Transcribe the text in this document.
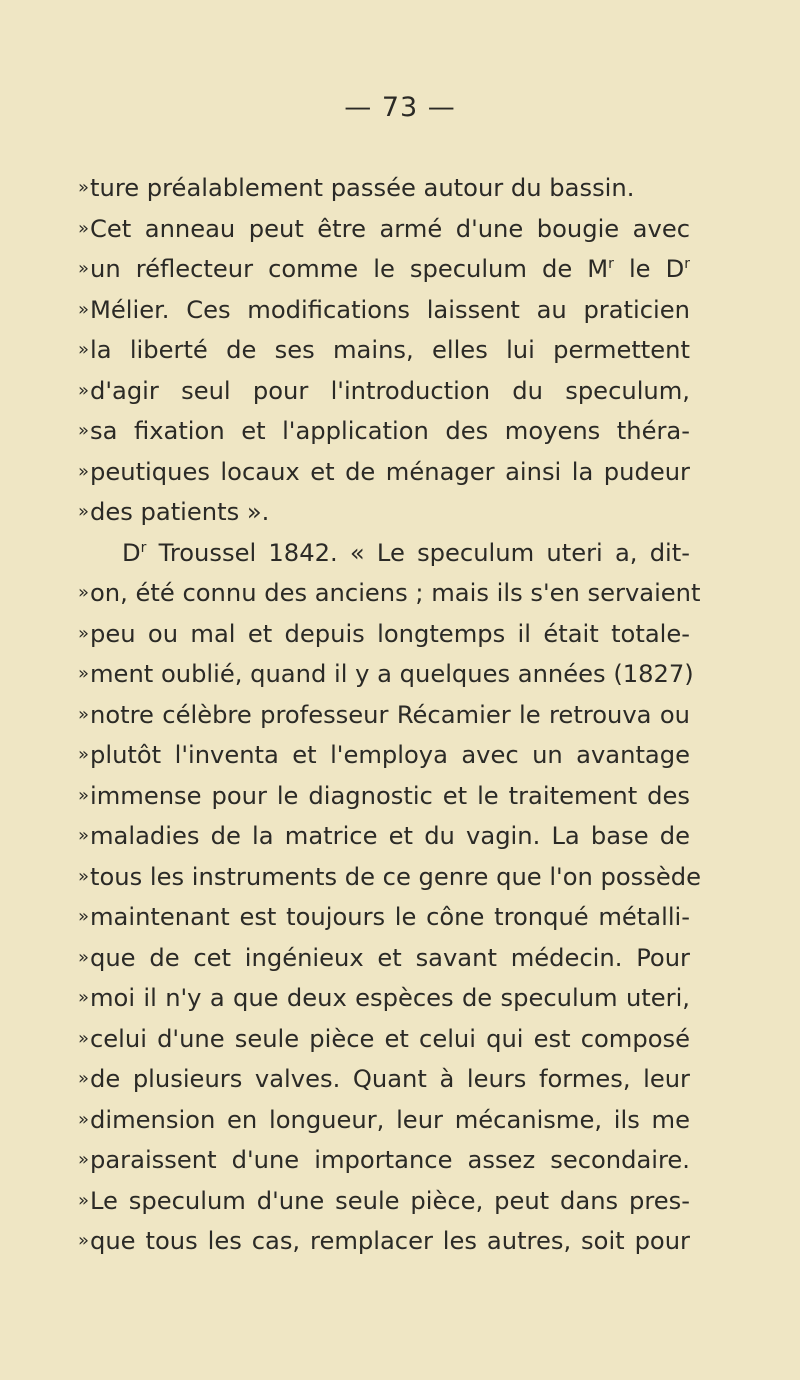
— 73 —
» ture préalablement passée autour du bassin.
» Cet anneau peut être armé d'une bougie avec
» un réflecteur comme le speculum de $M^r$ le $D^r$
» Mélier. Ces modifications laissent au praticien
» la liberté de ses mains, elles lui permettent
» d'agir seul pour l'introduction du speculum,
» sa fixation et l'application des moyens théra-
» peutiques locaux et de ménager ainsi la pudeur
» des patients ».
$D^r$ Troussel 1842. « Le speculum uteri a, dit-
» on, été connu des anciens ; mais ils s'en servaient
» peu ou mal et depuis longtemps il était totale-
» ment oublié, quand il y a quelques années (1827)
» notre célèbre professeur Récamier le retrouva ou
» plutôt l'inventa et l'employa avec un avantage
» immense pour le diagnostic et le traitement des
» maladies de la matrice et du vagin. La base de
» tous les instruments de ce genre que l'on possède
» maintenant est toujours le cône tronqué métalli-
» que de cet ingénieux et savant médecin. Pour
» moi il n'y a que deux espèces de speculum uteri,
» celui d'une seule pièce et celui qui est composé
» de plusieurs valves. Quant à leurs formes, leur
» dimension en longueur, leur mécanisme, ils me
» paraissent d'une importance assez secondaire.
» Le speculum d'une seule pièce, peut dans pres-
» que tous les cas, remplacer les autres, soit pour
